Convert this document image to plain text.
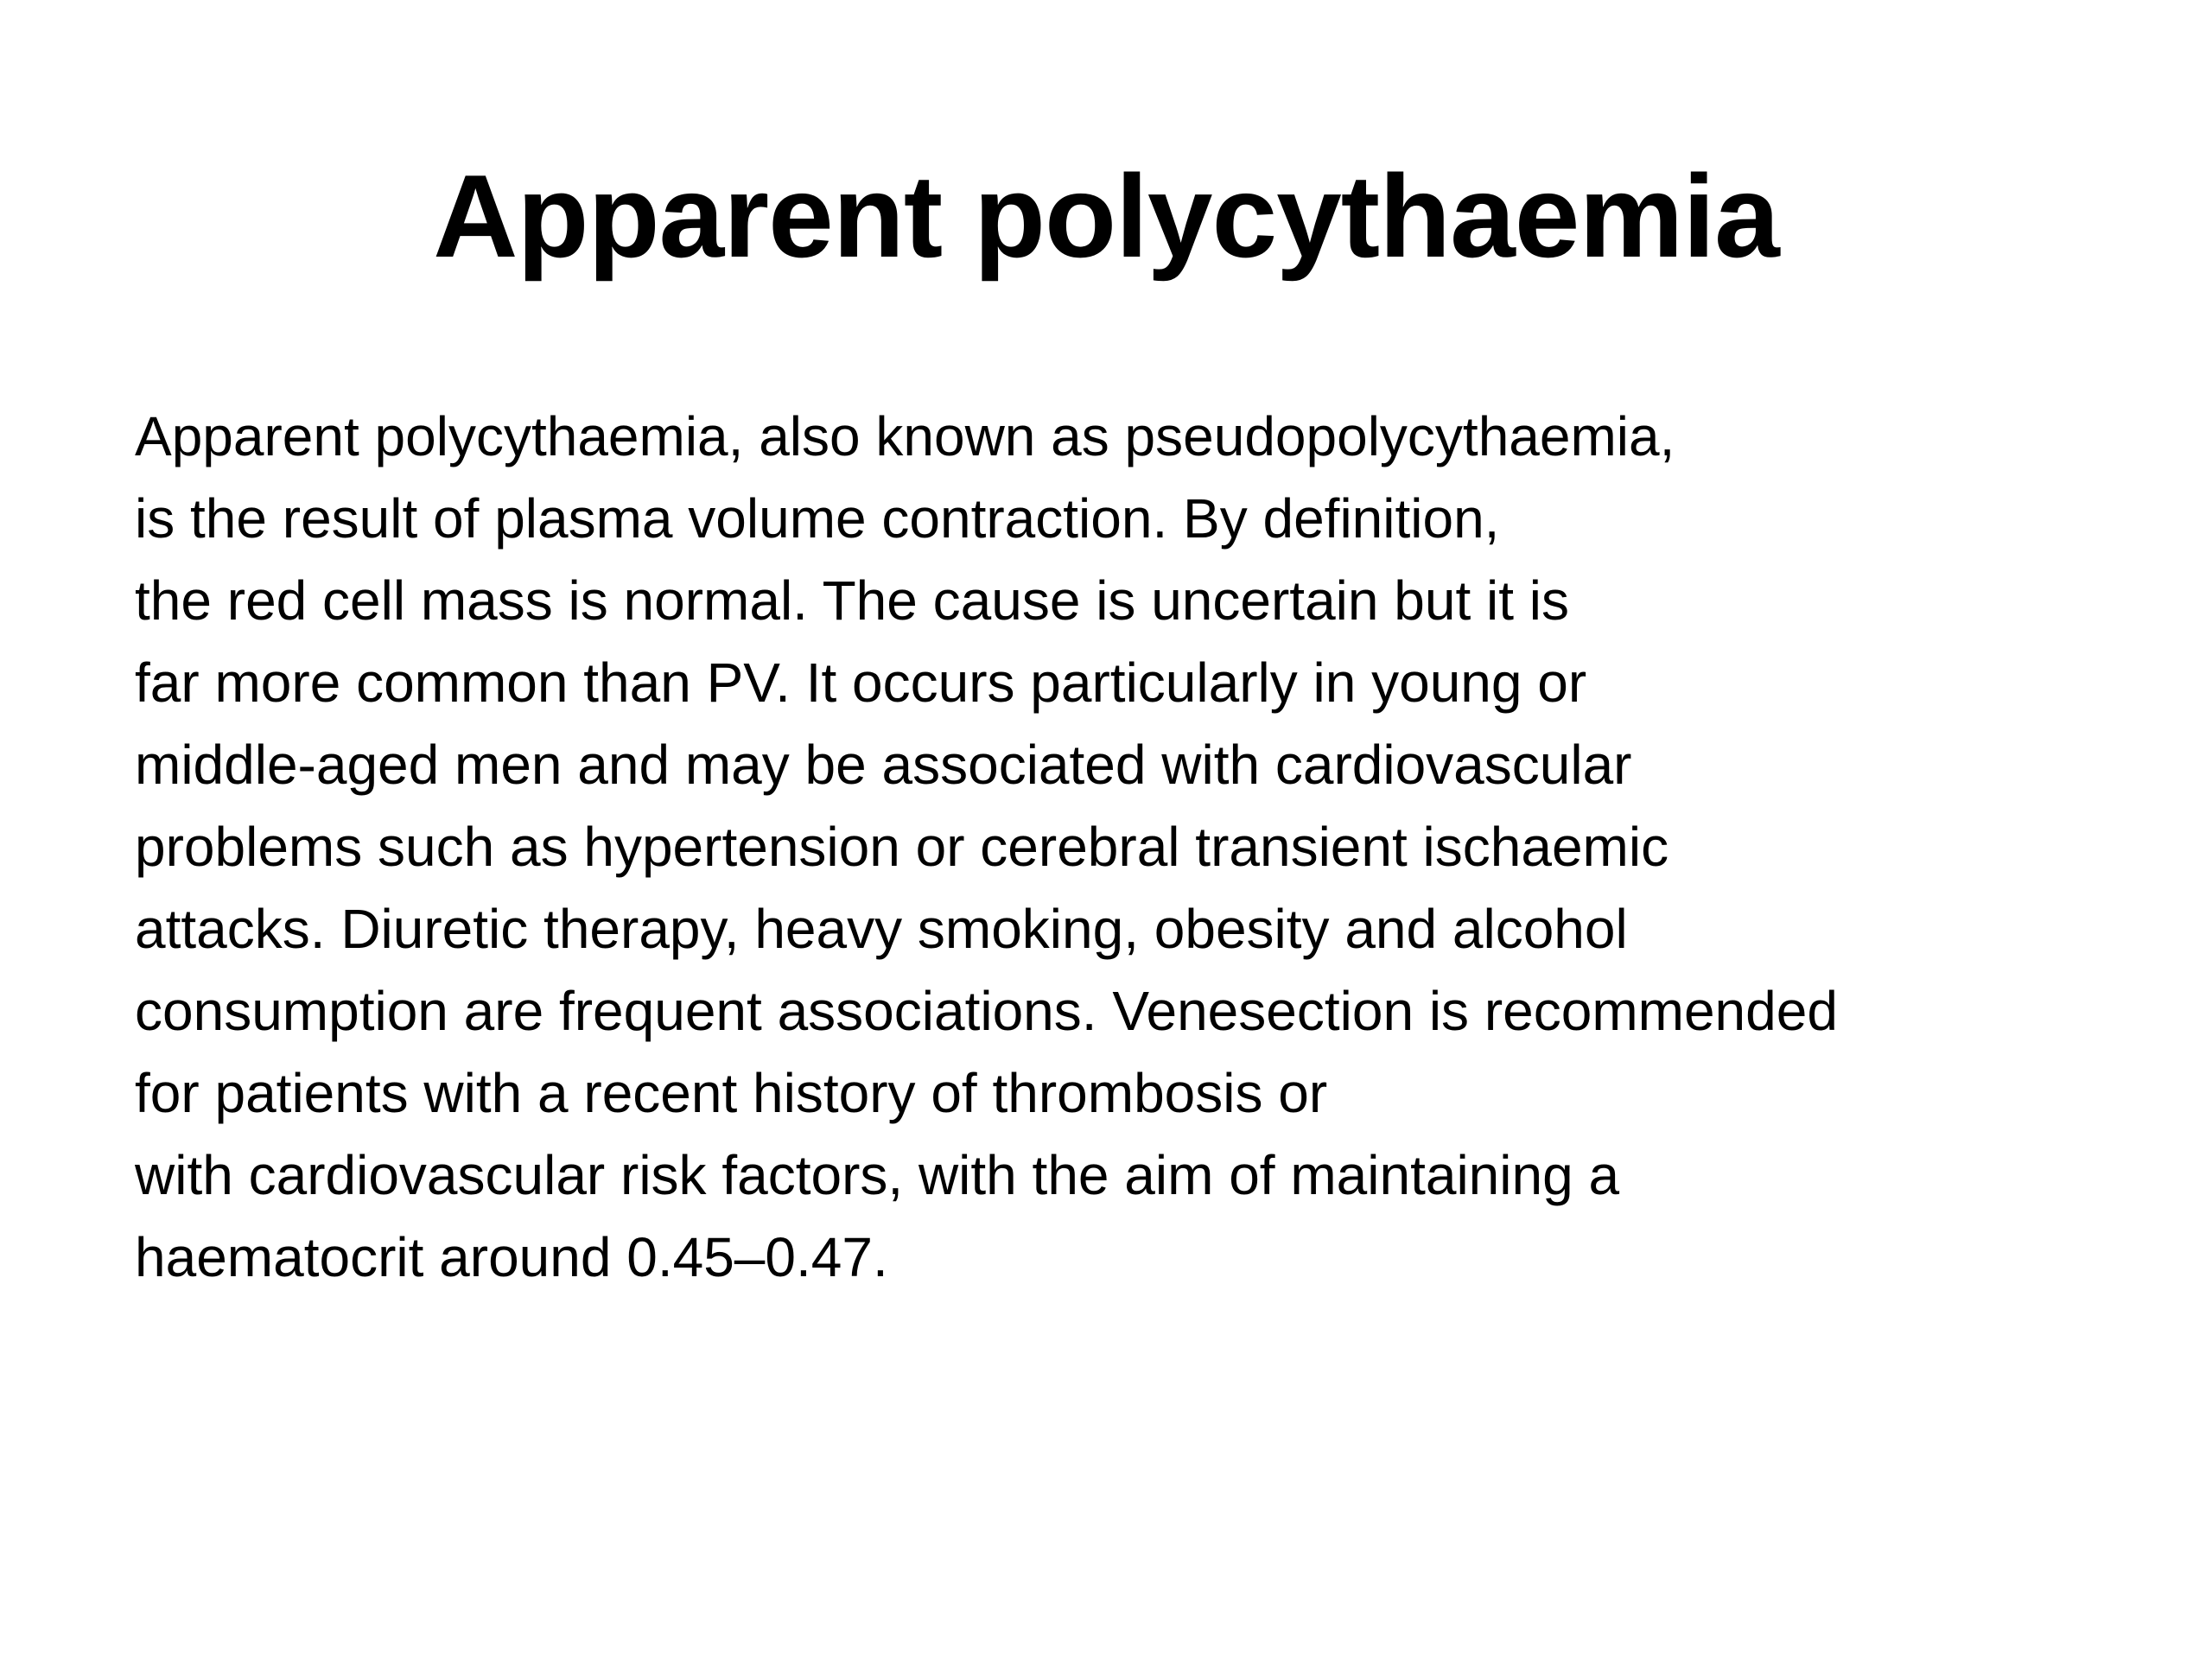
Apparent polycythaemia
Apparent polycythaemia, also known as pseudopolycythaemia,
is the result of plasma volume contraction. By definition,
the red cell mass is normal. The cause is uncertain but it is
far more common than PV. It occurs particularly in young or
middle-aged men and may be associated with cardiovascular
problems such as hypertension or cerebral transient ischaemic
attacks. Diuretic therapy, heavy smoking, obesity and alcohol
consumption are frequent associations. Venesection is recommended
for patients with a recent history of thrombosis or
with cardiovascular risk factors, with the aim of maintaining a
haematocrit around 0.45–0.47.
